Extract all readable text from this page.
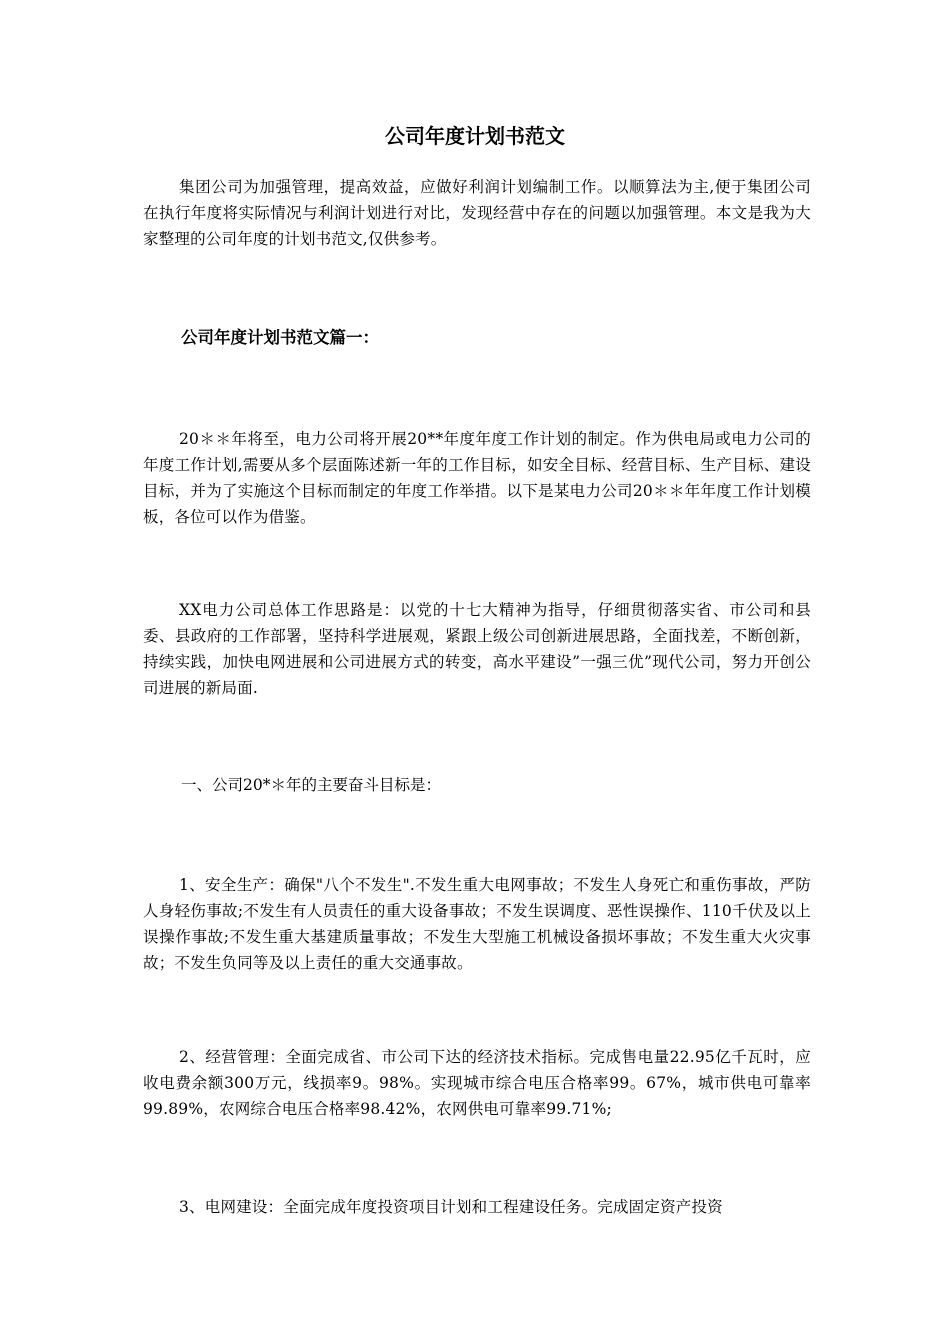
公司年度计划书范文

集团公司为加强管理，提高效益，应做好利润计划编制工作。以顺算法为主,便于集团公司在执行年度将实际情况与利润计划进行对比，发现经营中存在的问题以加强管理。本文是我为大家整理的公司年度的计划书范文,仅供参考。

公司年度计划书范文篇一：

20＊＊年将至，电力公司将开展20**年度年度工作计划的制定。作为供电局或电力公司的年度工作计划,需要从多个层面陈述新一年的工作目标，如安全目标、经营目标、生产目标、建设目标，并为了实施这个目标而制定的年度工作举措。以下是某电力公司20＊＊年年度工作计划模板，各位可以作为借鉴。

XX电力公司总体工作思路是：以党的十七大精神为指导，仔细贯彻落实省、市公司和县委、县政府的工作部署，坚持科学进展观，紧跟上级公司创新进展思路，全面找差，不断创新，持续实践，加快电网进展和公司进展方式的转变，高水平建设”一强三优”现代公司，努力开创公司进展的新局面.

一、公司20*＊年的主要奋斗目标是：

1、安全生产：确保"八个不发生".不发生重大电网事故；不发生人身死亡和重伤事故，严防人身轻伤事故;不发生有人员责任的重大设备事故；不发生误调度、恶性误操作、110千伏及以上误操作事故;不发生重大基建质量事故；不发生大型施工机械设备损坏事故；不发生重大火灾事故；不发生负同等及以上责任的重大交通事故。

2、经营管理：全面完成省、市公司下达的经济技术指标。完成售电量22.95亿千瓦时，应收电费余额300万元，线损率9。98%。实现城市综合电压合格率99。67%，城市供电可靠率99.89%，农网综合电压合格率98.42%，农网供电可靠率99.71%;

3、电网建设：全面完成年度投资项目计划和工程建设任务。完成固定资产投资
